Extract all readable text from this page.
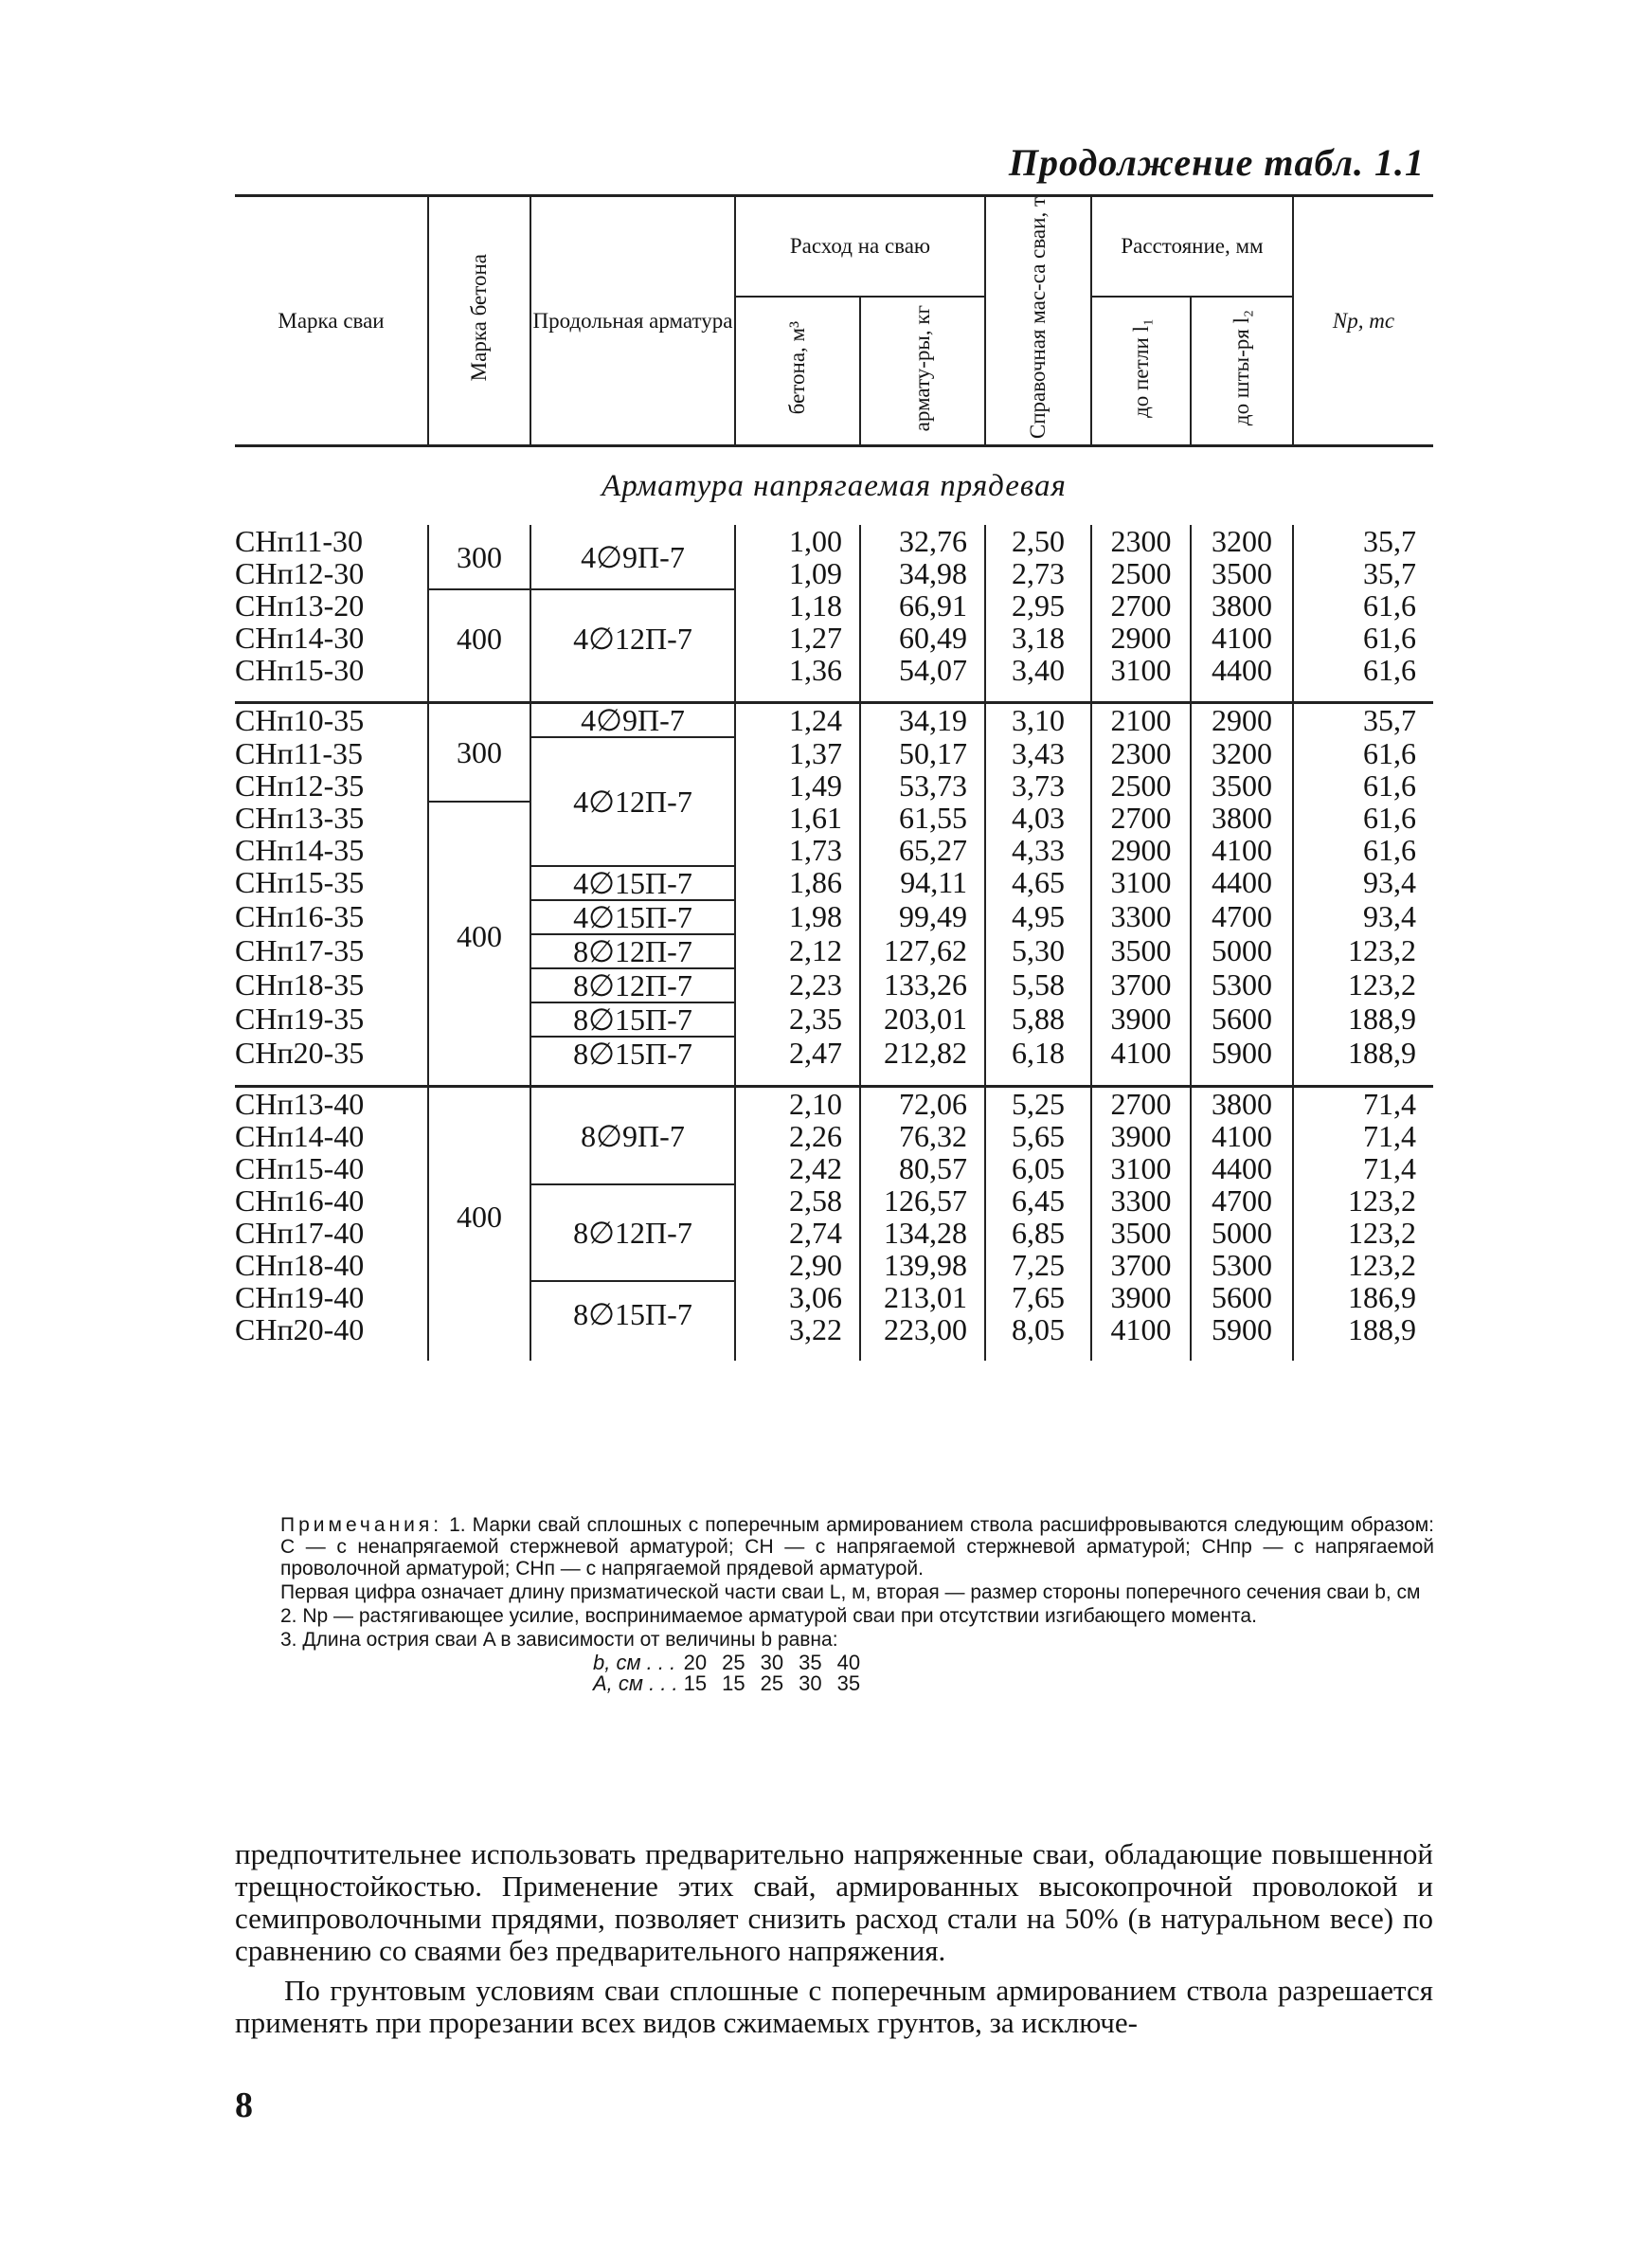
Продолжение табл. 1.1
Марка сваи	Марка бетона	Продольная арматура	Расход на сваю		Справочная мас-са сваи, т	Расстояние, мм		Nр, тс
			бетона, м³	армату-ры, кг		до петли l₁	до шты-ря l₂	
Арматура напрягаемая прядевая								
СНп11-30	300	4∅9П-7	1,00	32,76	2,50	2300	3200	35,7
СНп12-30			1,09	34,98	2,73	2500	3500	35,7
СНп13-20	400	4∅12П-7	1,18	66,91	2,95	2700	3800	61,6
СНп14-30			1,27	60,49	3,18	2900	4100	61,6
СНп15-30			1,36	54,07	3,40	3100	4400	61,6

СНп10-35	300	4∅9П-7	1,24	34,19	3,10	2100	2900	35,7
СНп11-35		4∅12П-7	1,37	50,17	3,43	2300	3200	61,6
СНп12-35			1,49	53,73	3,73	2500	3500	61,6
СНп13-35	400		1,61	61,55	4,03	2700	3800	61,6
СНп14-35			1,73	65,27	4,33	2900	4100	61,6
СНп15-35		4∅15П-7	1,86	94,11	4,65	3100	4400	93,4
СНп16-35		4∅15П-7	1,98	99,49	4,95	3300	4700	93,4
СНп17-35		8∅12П-7	2,12	127,62	5,30	3500	5000	123,2
СНп18-35		8∅12П-7	2,23	133,26	5,58	3700	5300	123,2
СНп19-35		8∅15П-7	2,35	203,01	5,88	3900	5600	188,9
СНп20-35		8∅15П-7	2,47	212,82	6,18	4100	5900	188,9

СНп13-40	400	8∅9П-7	2,10	72,06	5,25	2700	3800	71,4
СНп14-40			2,26	76,32	5,65	3900	4100	71,4
СНп15-40			2,42	80,57	6,05	3100	4400	71,4
СНп16-40		8∅12П-7	2,58	126,57	6,45	3300	4700	123,2
СНп17-40			2,74	134,28	6,85	3500	5000	123,2
СНп18-40			2,90	139,98	7,25	3700	5300	123,2
СНп19-40		8∅15П-7	3,06	213,01	7,65	3900	5600	186,9
СНп20-40			3,22	223,00	8,05	4100	5900	188,9

Примечания: 1. Марки свай сплошных с поперечным армированием ствола расшифровываются следующим образом: С — с ненапрягаемой стержневой арматурой; СН — с напрягаемой стержневой арматурой; СНпр — с напрягаемой проволочной арматурой; СНп — с напрягаемой прядевой арматурой.

Первая цифра означает длину призматической части сваи L, м, вторая — размер стороны поперечного сечения сваи b, см

2. Nр — растягивающее усилие, воспринимаемое арматурой сваи при отсутствии изгибающего момента.

3. Длина острия сваи A в зависимости от величины b равна:

b, см . . .	20	25	30	35	40
A, см . . .	15	15	25	30	35

предпочтительнее использовать предварительно напряженные сваи, обладающие повышенной трещностойкостью. Применение этих свай, армированных высокопрочной проволокой и семипроволочными прядями, позволяет снизить расход стали на 50% (в натуральном весе) по сравнению со сваями без предварительного напряжения.

По грунтовым условиям сваи сплошные с поперечным армированием ствола разрешается применять при прорезании всех видов сжимаемых грунтов, за исключе-

8
